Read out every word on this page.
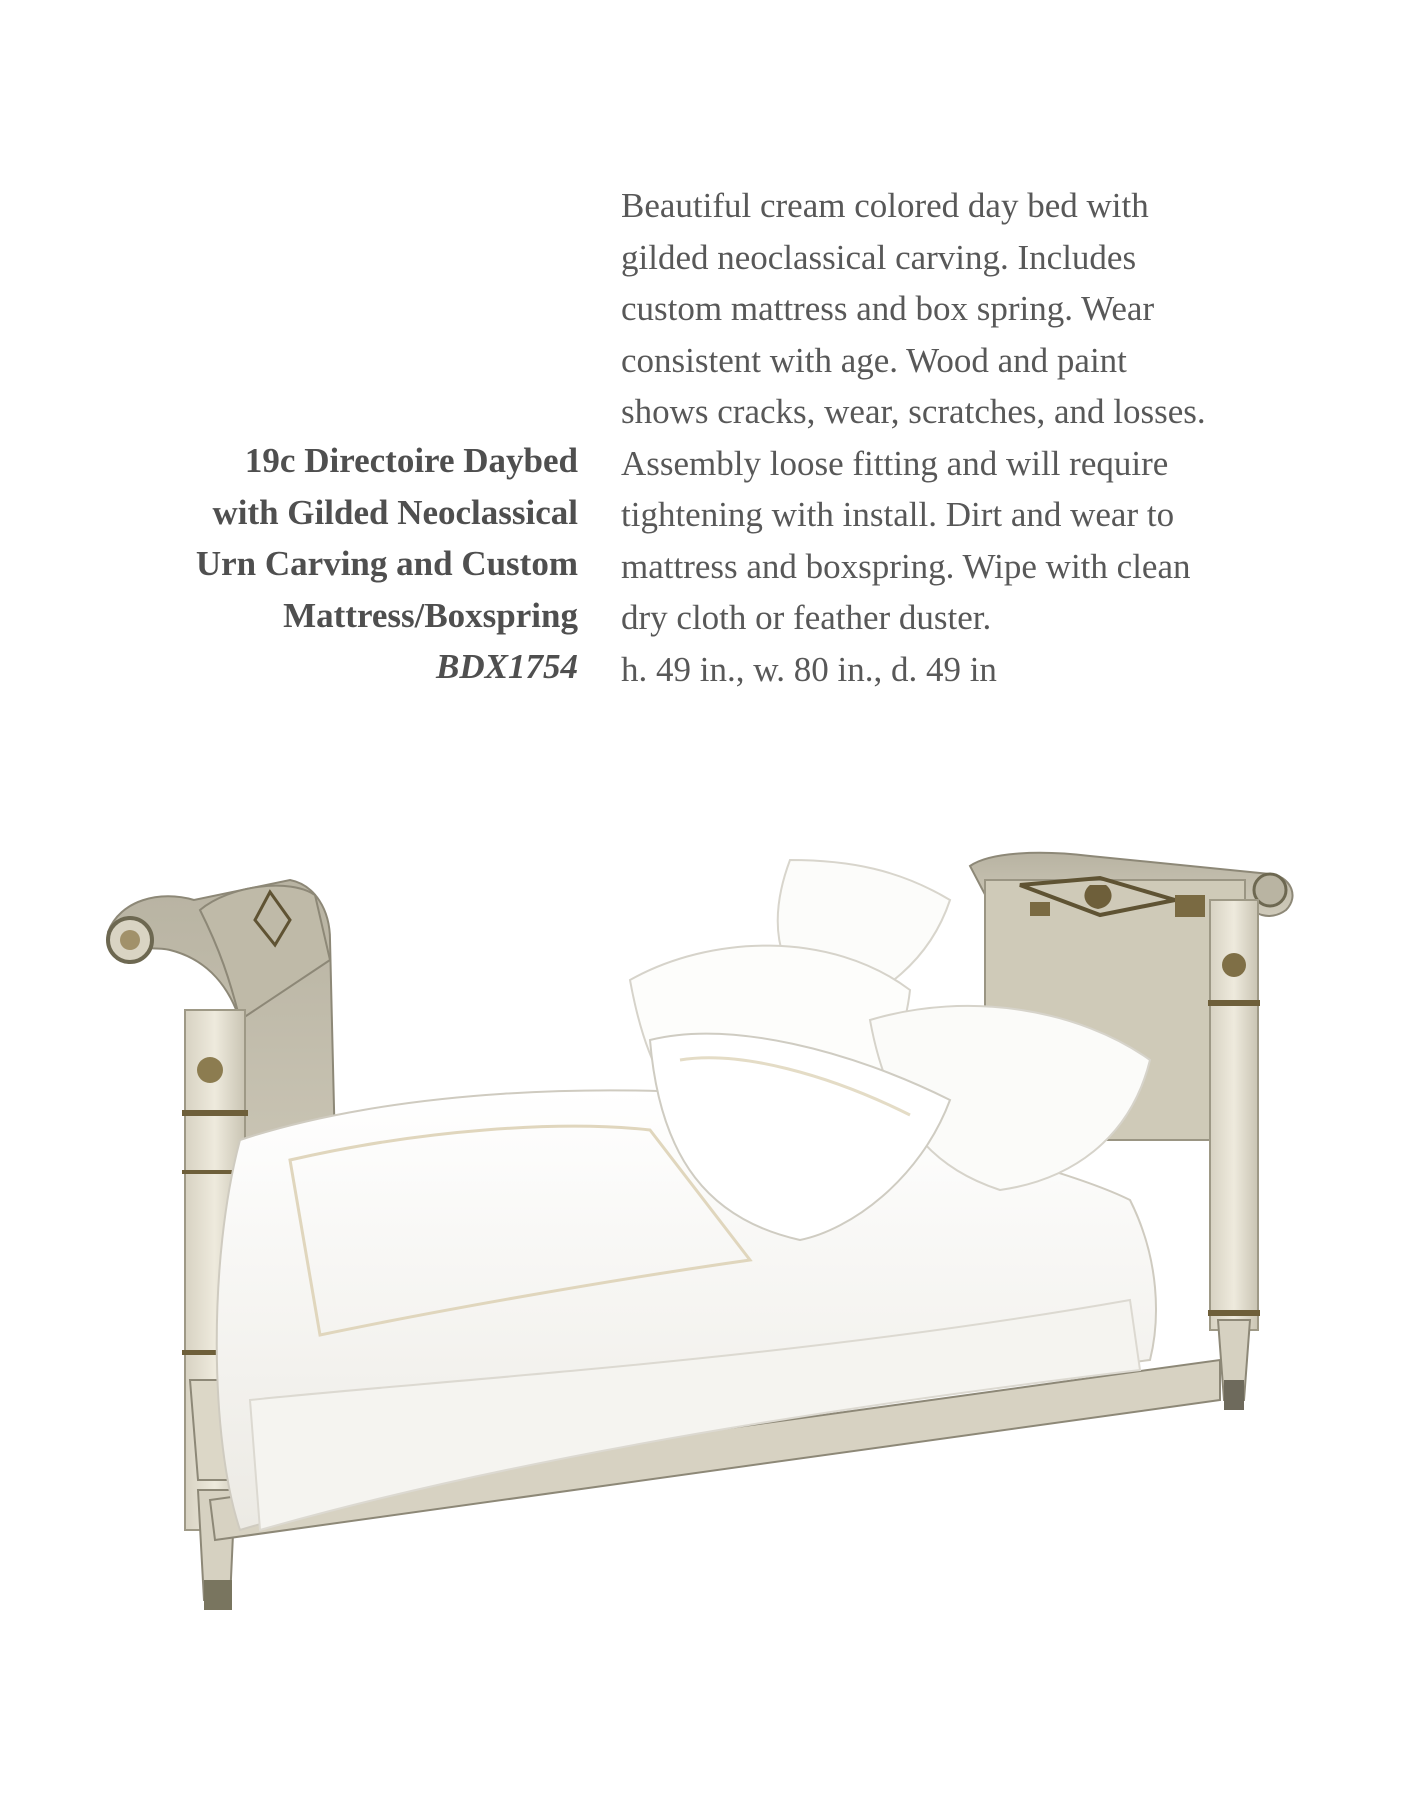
19c Directoire Daybed
with Gilded Neoclassical
Urn Carving and Custom
Mattress/Boxspring
BDX1754
Beautiful cream colored day bed with
gilded neoclassical carving. Includes
custom mattress and box spring. Wear
consistent with age. Wood and paint
shows cracks, wear, scratches, and losses.
Assembly loose fitting and will require
tightening with install. Dirt and wear to
mattress and boxspring. Wipe with clean
dry cloth or feather duster.
h. 49 in., w. 80 in., d. 49 in
